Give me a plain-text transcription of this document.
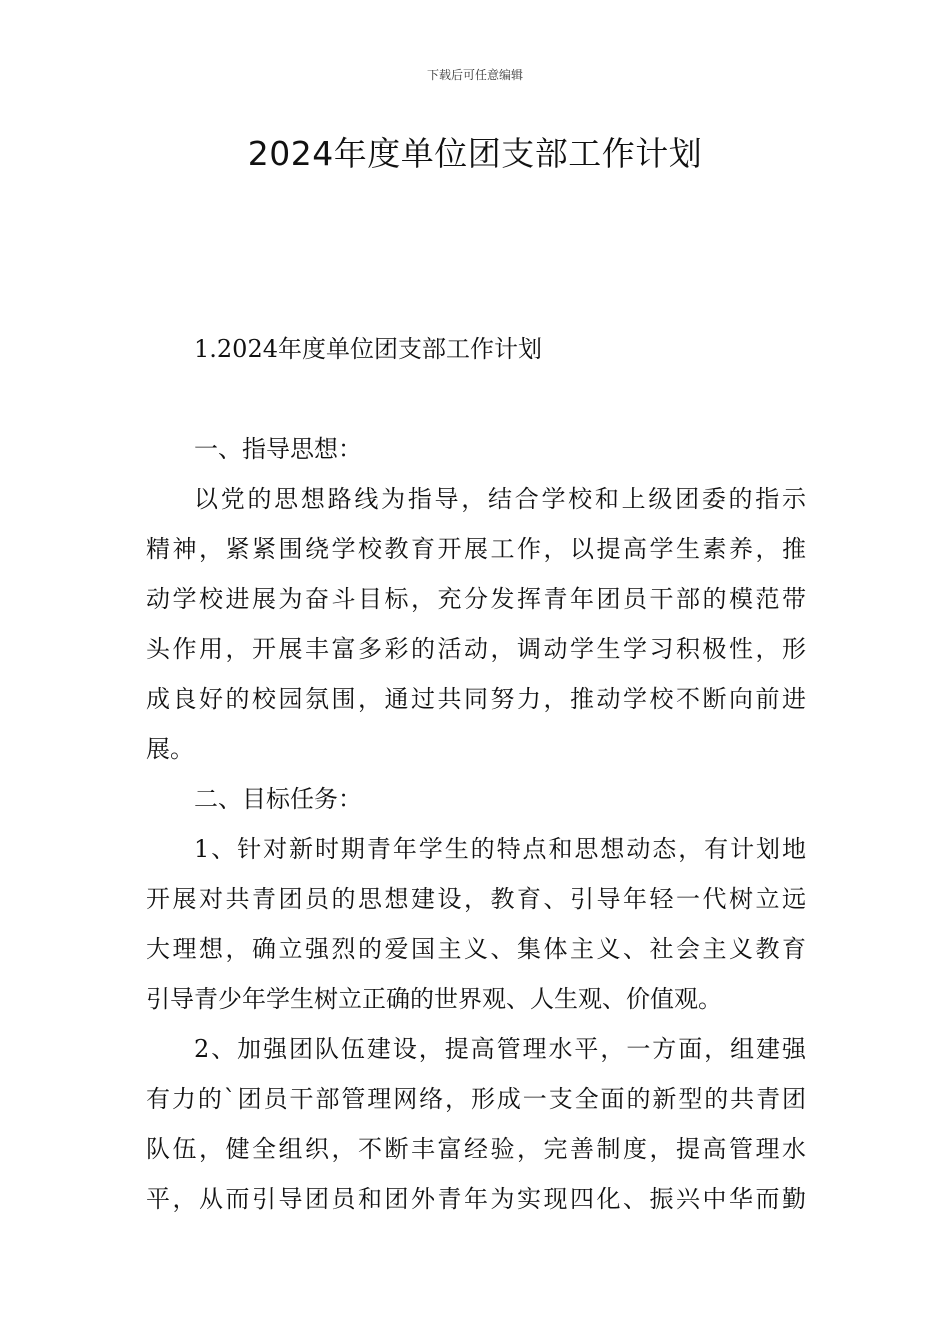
下载后可任意编辑
2024年度单位团支部工作计划
1.2024年度单位团支部工作计划
一、指导思想：
以党的思想路线为指导，结合学校和上级团委的指示
精神，紧紧围绕学校教育开展工作，以提高学生素养，推
动学校进展为奋斗目标，充分发挥青年团员干部的模范带
头作用，开展丰富多彩的活动，调动学生学习积极性，形
成良好的校园氛围，通过共同努力，推动学校不断向前进
展。
二、目标任务：
1、针对新时期青年学生的特点和思想动态，有计划地
开展对共青团员的思想建设，教育、引导年轻一代树立远
大理想，确立强烈的爱国主义、集体主义、社会主义教育
引导青少年学生树立正确的世界观、人生观、价值观。
2、加强团队伍建设，提高管理水平，一方面，组建强
有力的`团员干部管理网络，形成一支全面的新型的共青团
队伍，健全组织，不断丰富经验，完善制度，提高管理水
平，从而引导团员和团外青年为实现四化、振兴中华而勤
